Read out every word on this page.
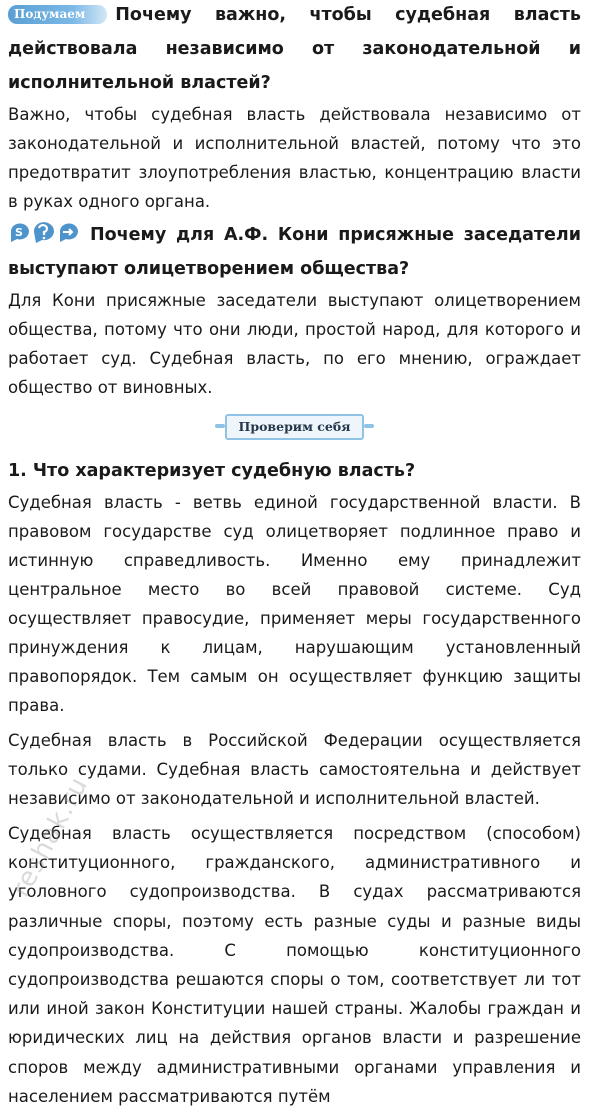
Подумаем Почему важно, чтобы судебная власть действовала независимо от законодательной и исполнительной властей?
Важно, чтобы судебная власть действовала независимо от законодательной и исполнительной властей, потому что это предотвратит злоупотребления властью, концентрацию власти в руках одного органа.
S	Почему для А.Ф. Кони присяжные заседатели выступают олицетворением общества?
Для Кони присяжные заседатели выступают олицетворением общества, потому что они люди, простой народ, для которого и работает суд. Судебная власть, по его мнению, ограждает общество от виновных.
Проверим себя
1. Что характеризует судебную власть?
Судебная власть - ветвь единой государственной власти. В правовом государстве суд олицетворяет подлинное право и истинную справедливость. Именно ему принадлежит центральное место во всей правовой системе. Суд осуществляет правосудие, применяет меры государственного принуждения к лицам, нарушающим установленный правопорядок. Тем самым он осуществляет функцию защиты права.
Судебная власть в Российской Федерации осуществляется только судами. Судебная власть самостоятельна и действует независимо от законодательной и исполнительной властей.
Судебная власть осуществляется посредством (способом) конституционного, гражданского, административного и уголовного судопроизводства. В судах рассматриваются различные споры, поэтому есть разные суды и разные виды судопроизводства. С помощью конституционного судопроизводства решаются споры о том, соответствует ли тот или иной закон Конституции нашей страны. Жалобы граждан и юридических лиц на действия органов власти и разрешение споров между административными органами управления и населением рассматриваются путём
reshak.ru
